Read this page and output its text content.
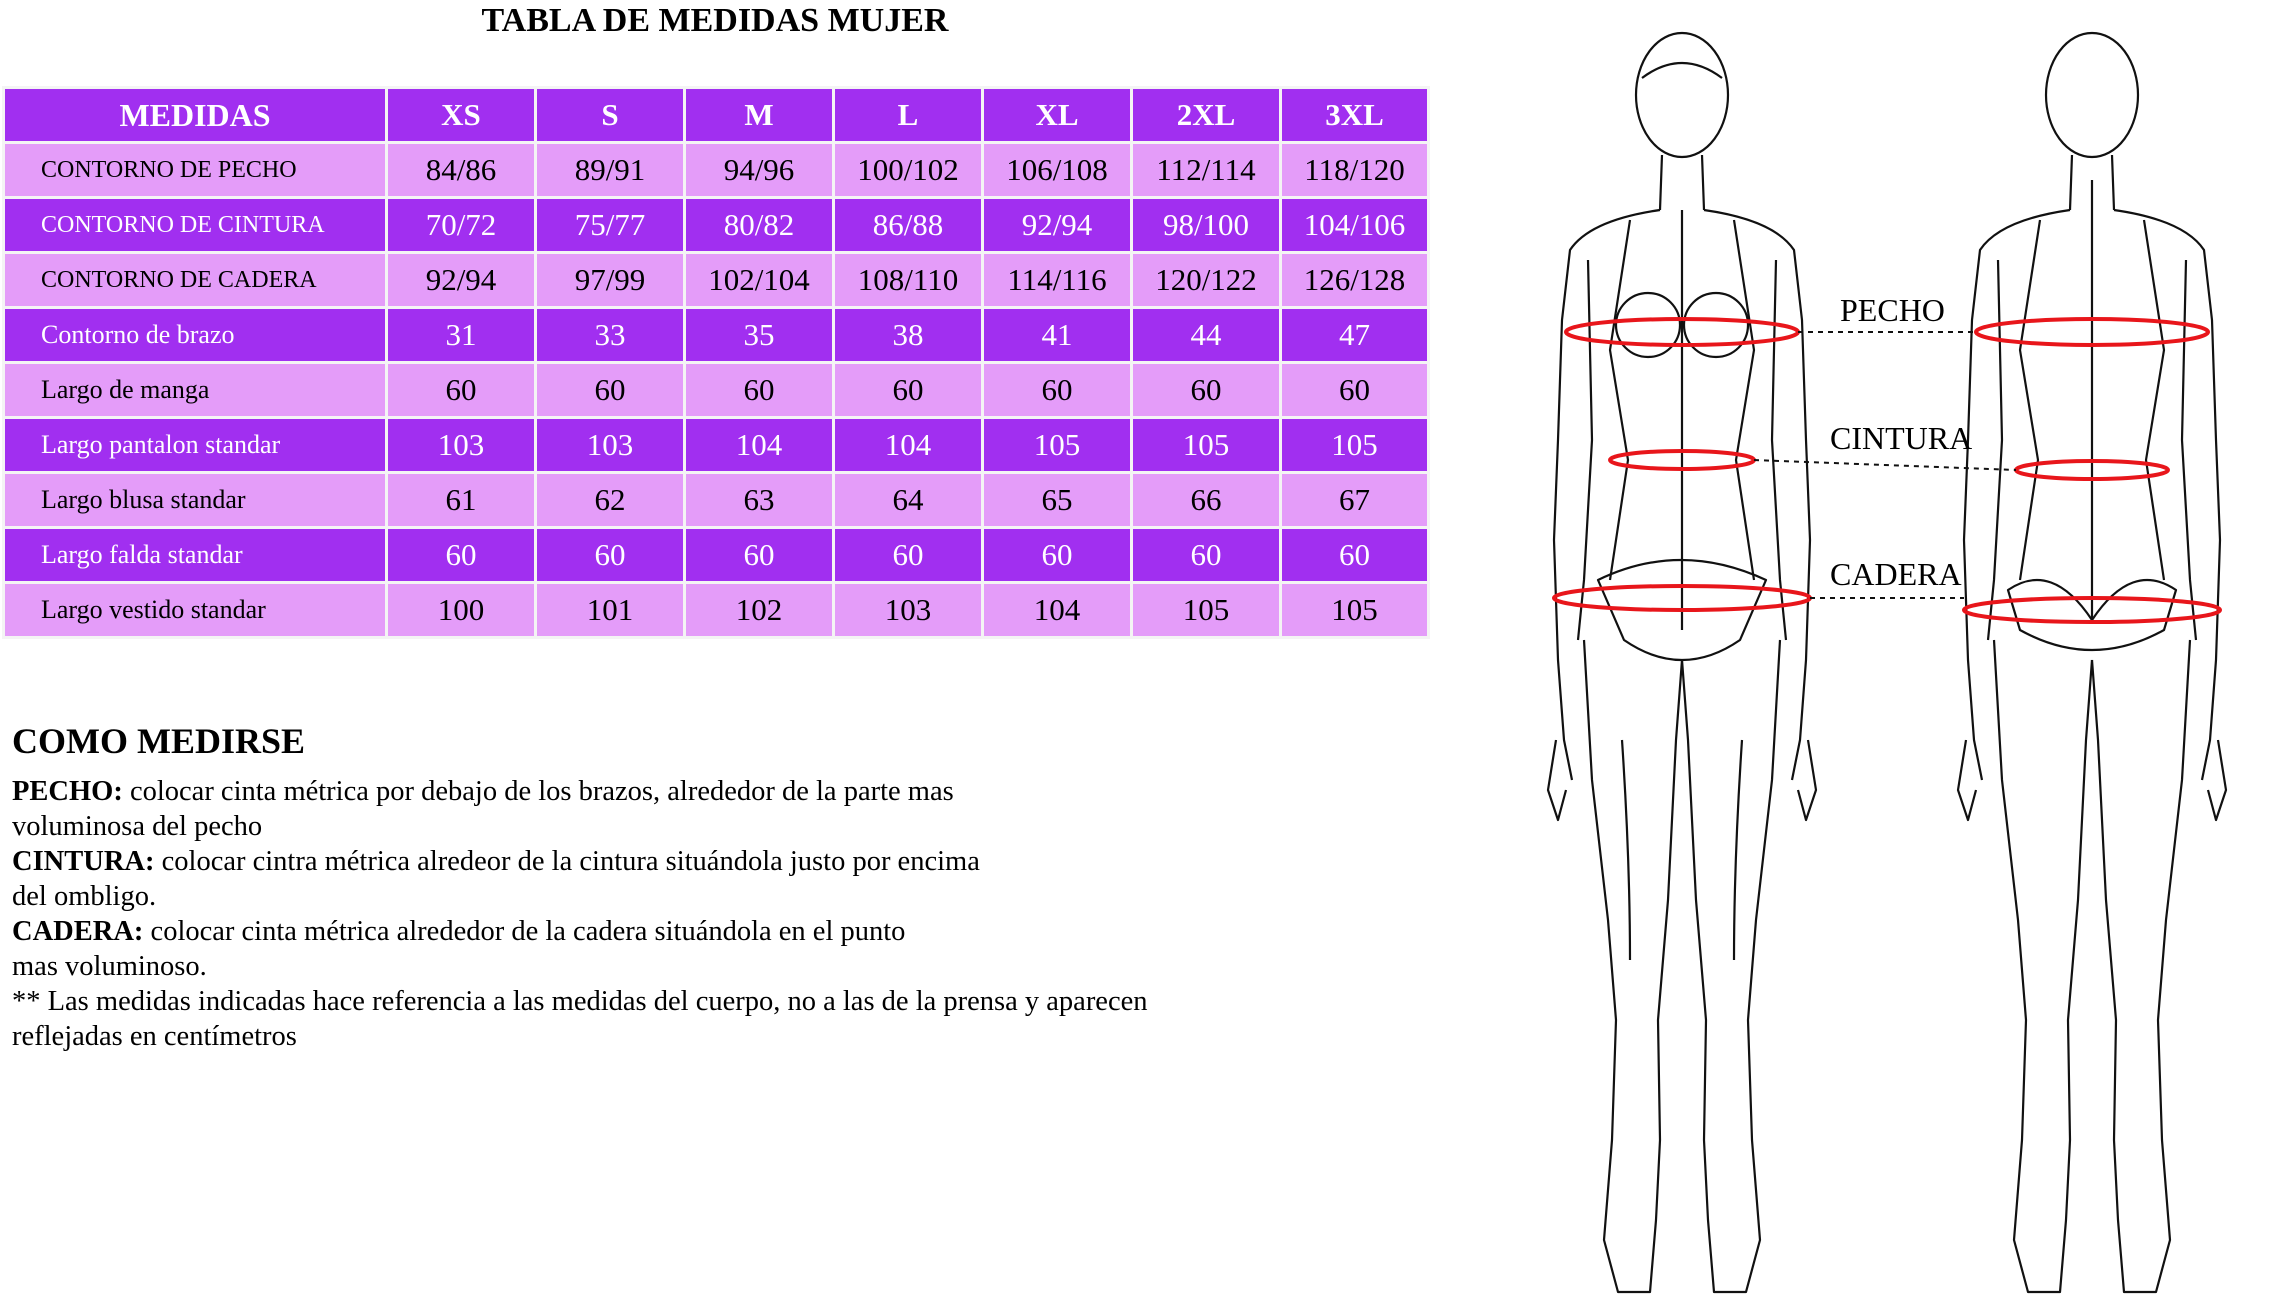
TABLA DE MEDIDAS MUJER
MEDIDAS	XS	S	M	L	XL	2XL	3XL
CONTORNO DE PECHO	84/86	89/91	94/96	100/102	106/108	112/114	118/120
CONTORNO DE CINTURA	70/72	75/77	80/82	86/88	92/94	98/100	104/106
CONTORNO DE CADERA	92/94	97/99	102/104	108/110	114/116	120/122	126/128
Contorno de brazo	31	33	35	38	41	44	47
Largo de manga	60	60	60	60	60	60	60
Largo pantalon standar	103	103	104	104	105	105	105
Largo blusa standar	61	62	63	64	65	66	67
Largo falda standar	60	60	60	60	60	60	60
Largo vestido standar	100	101	102	103	104	105	105
COMO MEDIRSE

PECHO: colocar cinta métrica por debajo de los brazos, alrededor de la parte mas
voluminosa del pecho

CINTURA: colocar cintra métrica alredeor de la cintura situándola justo por encima
del ombligo.

CADERA: colocar cinta métrica alrededor de la cadera situándola en el punto
mas voluminoso.

** Las medidas indicadas hace referencia a las medidas del cuerpo, no a las de la prensa y aparecen
reflejadas en centímetros

PECHO
CINTURA
CADERA
